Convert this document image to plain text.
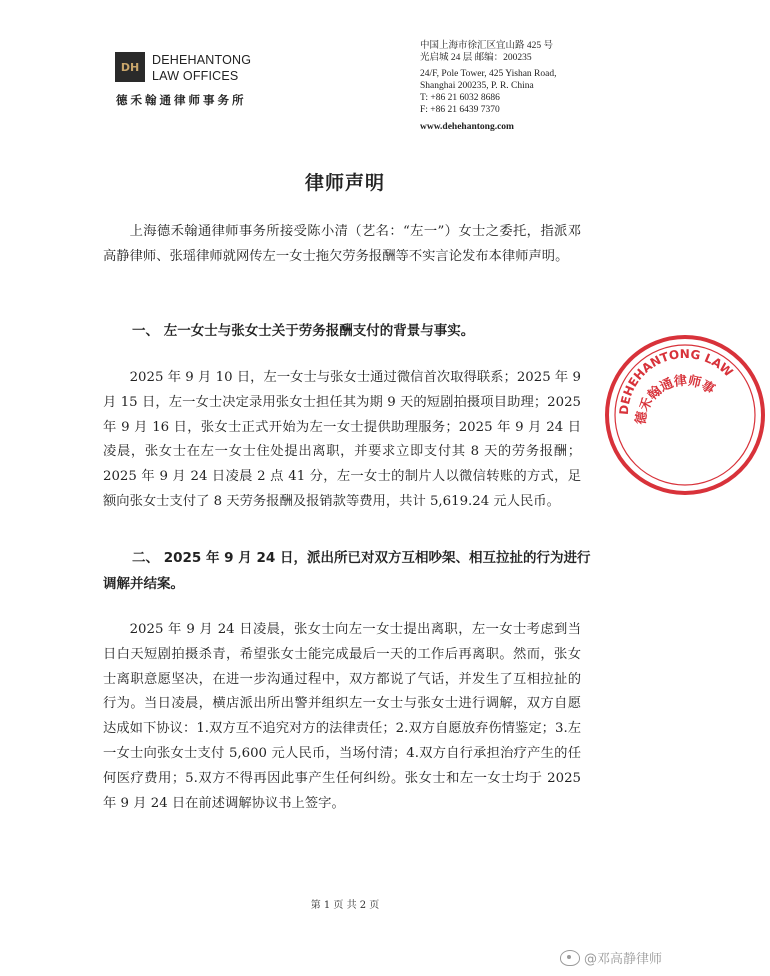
DH DEHEHANTONG
LAW OFFICES
德禾翰通律师事务所
中国上海市徐汇区宜山路 425 号
光启城 24 层 邮编：200235
24/F, Pole Tower, 425 Yishan Road,
Shanghai 200235, P. R. China
T: +86 21 6032 8686
F: +86 21 6439 7370
www.dehehantong.com
律师声明

上海德禾翰通律师事务所接受陈小清（艺名：“左一”）女士之委托，指派邓高静律师、张瑶律师就网传左一女士拖欠劳务报酬等不实言论发布本律师声明。

一、 左一女士与张女士关于劳务报酬支付的背景与事实。

2025 年 9 月 10 日，左一女士与张女士通过微信首次取得联系；2025 年 9 月 15 日，左一女士决定录用张女士担任其为期 9 天的短剧拍摄项目助理；2025 年 9 月 16 日，张女士正式开始为左一女士提供助理服务；2025 年 9 月 24 日凌晨，张女士在左一女士住处提出离职，并要求立即支付其 8 天的劳务报酬；2025 年 9 月 24 日凌晨 2 点 41 分，左一女士的制片人以微信转账的方式，足额向张女士支付了 8 天劳务报酬及报销款等费用，共计 5,619.24 元人民币。

二、 2025 年 9 月 24 日，派出所已对双方互相吵架、相互拉扯的行为进行调解并结案。

2025 年 9 月 24 日凌晨，张女士向左一女士提出离职，左一女士考虑到当日白天短剧拍摄杀青，希望张女士能完成最后一天的工作后再离职。然而，张女士离职意愿坚决，在进一步沟通过程中，双方都说了气话，并发生了互相拉扯的行为。当日凌晨，横店派出所出警并组织左一女士与张女士进行调解，双方自愿达成如下协议：1.双方互不追究对方的法律责任；2.双方自愿放弃伤情鉴定；3.左一女士向张女士支付 5,600 元人民币，当场付清；4.双方自行承担治疗产生的任何医疗费用；5.双方不得再因此事产生任何纠纷。张女士和左一女士均于 2025 年 9 月 24 日在前述调解协议书上签字。

第 1 页 共 2 页
DEHEHANTONG LAW
德禾翰通律师事
@邓高静律师
